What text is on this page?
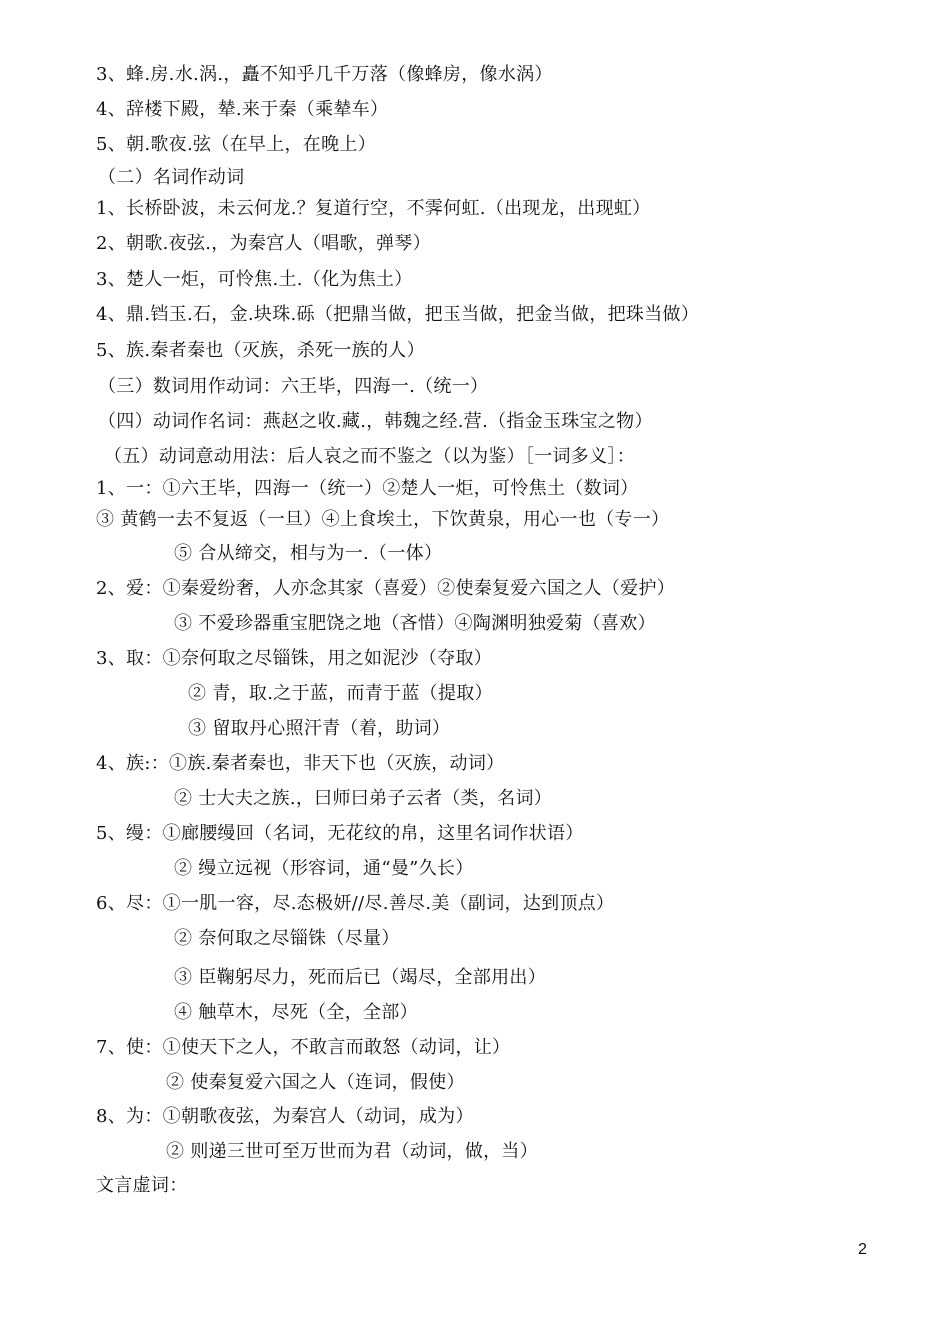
3、蜂.房.水.涡.，矗不知乎几千万落（像蜂房，像水涡）
4、辞楼下殿，辇.来于秦（乘辇车）
5、朝.歌夜.弦（在早上，在晚上）
（二）名词作动词
1、长桥卧波，未云何龙.？复道行空，不霁何虹.（出现龙，出现虹）
2、朝歌.夜弦.，为秦宫人（唱歌，弹琴）
3、楚人一炬，可怜焦.土.（化为焦土）
4、鼎.铛玉.石，金.块珠.砾（把鼎当做，把玉当做，把金当做，把珠当做）
5、族.秦者秦也（灭族，杀死一族的人）
（三）数词用作动词：六王毕，四海一.（统一）
（四）动词作名词：燕赵之收.藏.，韩魏之经.营.（指金玉珠宝之物）
（五）动词意动用法：后人哀之而不鉴之（以为鉴）［一词多义］：
1、一：①六王毕，四海一（统一）②楚人一炬，可怜焦土（数词）
③ 黄鹤一去不复返（一旦）④上食埃土，下饮黄泉，用心一也（专一）
⑤ 合从缔交，相与为一.（一体）
2、爱：①秦爱纷奢，人亦念其家（喜爱）②使秦复爱六国之人（爱护）
③ 不爱珍器重宝肥饶之地（吝惜）④陶渊明独爱菊（喜欢）
3、取：①奈何取之尽锱铢，用之如泥沙（夺取）
② 青，取.之于蓝，而青于蓝（提取）
③ 留取丹心照汗青（着，助词）
4、族:：①族.秦者秦也，非天下也（灭族，动词）
② 士大夫之族.，曰师曰弟子云者（类，名词）
5、缦：①廊腰缦回（名词，无花纹的帛，这里名词作状语）
② 缦立远视（形容词，通“曼”久长）
6、尽：①一肌一容，尽.态极妍//尽.善尽.美（副词，达到顶点）
② 奈何取之尽锱铢（尽量）
③ 臣鞠躬尽力，死而后已（竭尽，全部用出）
④ 触草木，尽死（全，全部）
7、使：①使天下之人，不敢言而敢怒（动词，让）
② 使秦复爱六国之人（连词，假使）
8、为：①朝歌夜弦，为秦宫人（动词，成为）
② 则递三世可至万世而为君（动词，做，当）
文言虚词：
2
